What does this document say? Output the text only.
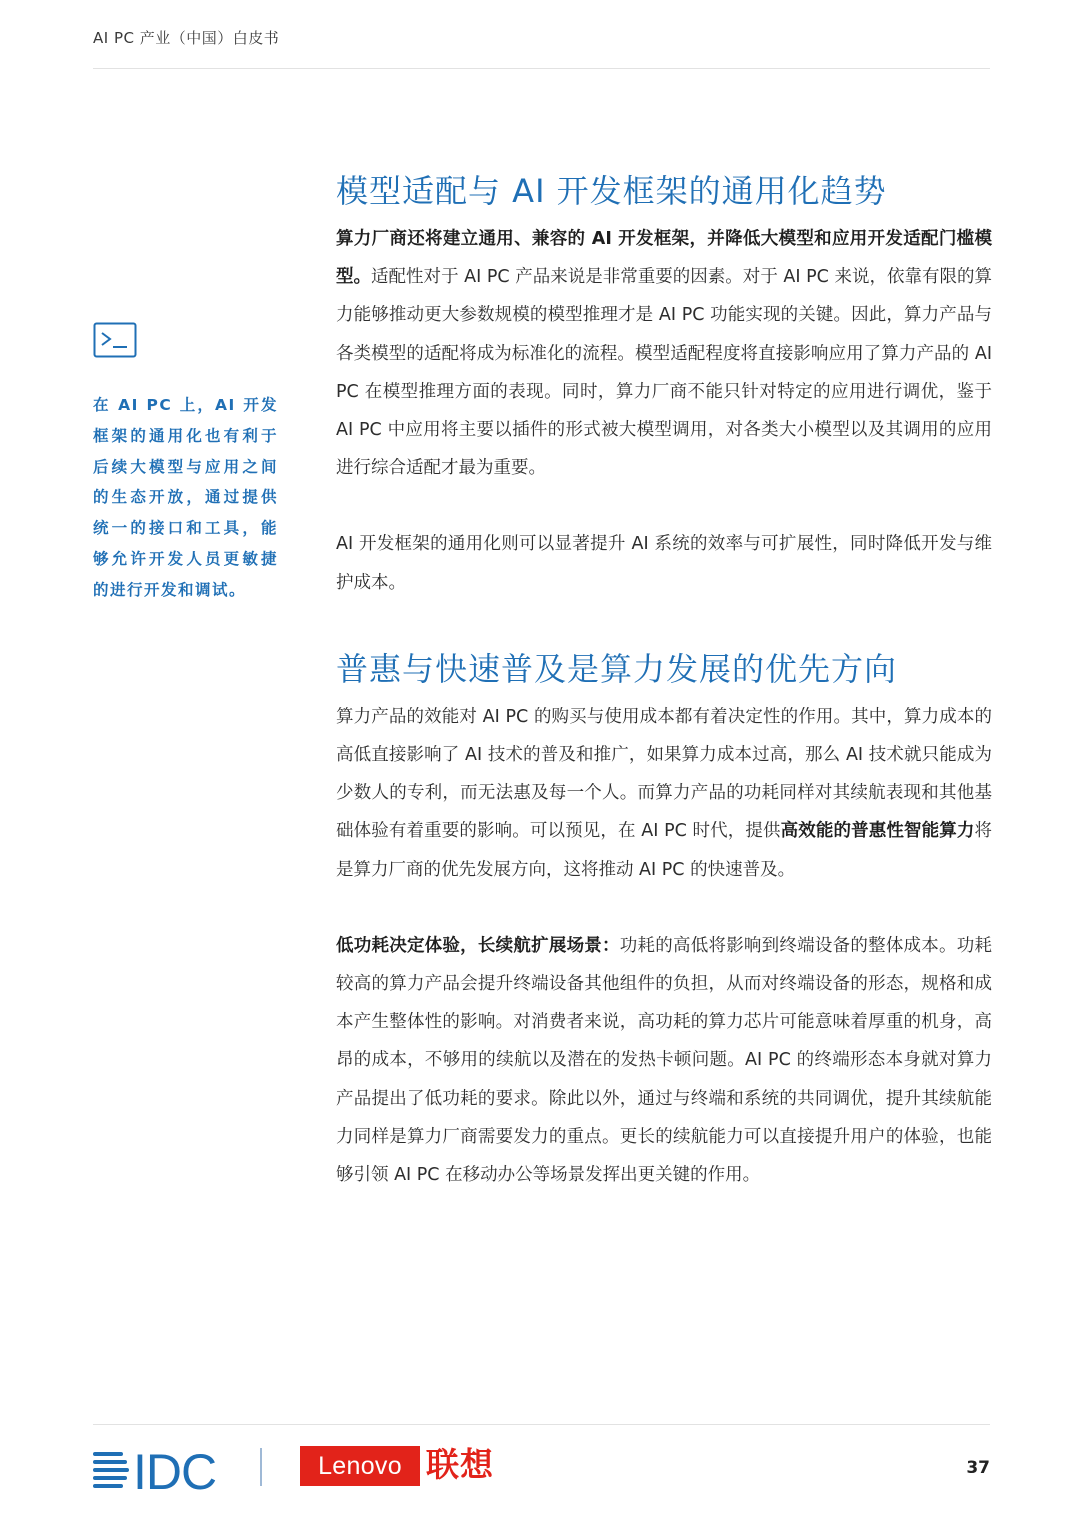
AI PC 产业（中国）白皮书
在 AI PC 上，AI 开发框架的通用化也有利于后续大模型与应用之间的生态开放，通过提供统一的接口和工具，能够允许开发人员更敏捷的进行开发和调试。
模型适配与 AI 开发框架的通用化趋势

算力厂商还将建立通用、兼容的 AI 开发框架，并降低大模型和应用开发适配门槛模型。适配性对于 AI PC 产品来说是非常重要的因素。对于 AI PC 来说，依靠有限的算力能够推动更大参数规模的模型推理才是 AI PC 功能实现的关键。因此，算力产品与各类模型的适配将成为标准化的流程。模型适配程度将直接影响应用了算力产品的 AI PC 在模型推理方面的表现。同时，算力厂商不能只针对特定的应用进行调优，鉴于 AI PC 中应用将主要以插件的形式被大模型调用，对各类大小模型以及其调用的应用进行综合适配才最为重要。

AI 开发框架的通用化则可以显著提升 AI 系统的效率与可扩展性，同时降低开发与维护成本。

普惠与快速普及是算力发展的优先方向

算力产品的效能对 AI PC 的购买与使用成本都有着决定性的作用。其中，算力成本的高低直接影响了 AI 技术的普及和推广，如果算力成本过高，那么 AI 技术就只能成为少数人的专利，而无法惠及每一个人。而算力产品的功耗同样对其续航表现和其他基础体验有着重要的影响。可以预见，在 AI PC 时代，提供高效能的普惠性智能算力将是算力厂商的优先发展方向，这将推动 AI PC 的快速普及。

低功耗决定体验，长续航扩展场景：功耗的高低将影响到终端设备的整体成本。功耗较高的算力产品会提升终端设备其他组件的负担，从而对终端设备的形态，规格和成本产生整体性的影响。对消费者来说，高功耗的算力芯片可能意味着厚重的机身，高昂的成本，不够用的续航以及潜在的发热卡顿问题。AI PC 的终端形态本身就对算力产品提出了低功耗的要求。除此以外，通过与终端和系统的共同调优，提升其续航能力同样是算力厂商需要发力的重点。更长的续航能力可以直接提升用户的体验，也能够引领 AI PC 在移动办公等场景发挥出更关键的作用。

IDC	Lenovo 联想	37
